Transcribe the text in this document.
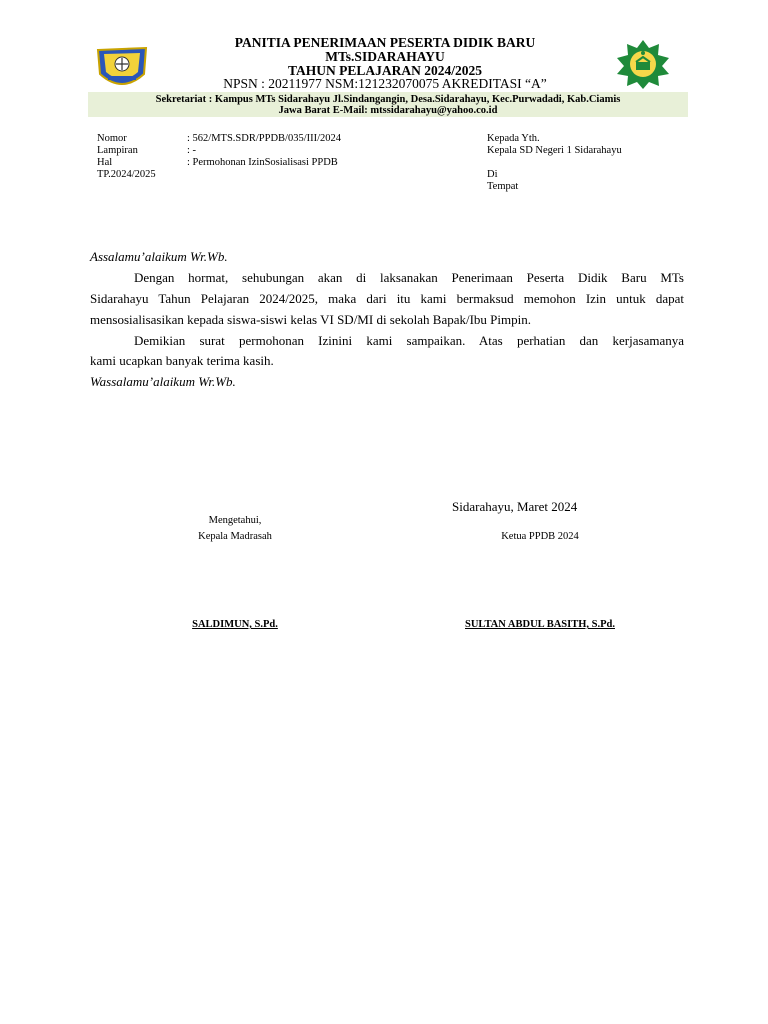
PANITIA PENERIMAAN PESERTA DIDIK BARU
MTs.SIDARAHAYU
TAHUN PELAJARAN 2024/2025
NPSN : 20211977 NSM:121232070075 AKREDITASI “A”
Sekretariat : Kampus MTs Sidarahayu Jl.Sindangangin, Desa.Sidarahayu, Kec.Purwadadi, Kab.Ciamis
Jawa Barat E-Mail: mtssidarahayu@yahoo.co.id
Nomor	: 562/MTS.SDR/PPDB/035/III/2024
Lampiran	: -
Hal	: Permohonan IzinSosialisasi PPDB
TP.2024/2025
Kepada Yth.
Kepala SD Negeri 1 Sidarahayu
Di
Tempat
Assalamu’alaikum Wr.Wb.
Dengan hormat, sehubungan akan di laksanakan Penerimaan Peserta Didik Baru MTs
Sidarahayu Tahun Pelajaran 2024/2025, maka dari itu kami bermaksud memohon Izin untuk dapat
mensosialisasikan kepada siswa-siswi kelas VI SD/MI di sekolah Bapak/Ibu Pimpin.
Demikian surat permohonan Izinini kami sampaikan. Atas perhatian dan kerjasamanya
kami ucapkan banyak terima kasih.
Wassalamu’alaikum Wr.Wb.
Sidarahayu, Maret 2024
Mengetahui,
Kepala Madrasah	Ketua PPDB 2024
SALDIMUN, S.Pd.	SULTAN ABDUL BASITH, S.Pd.
